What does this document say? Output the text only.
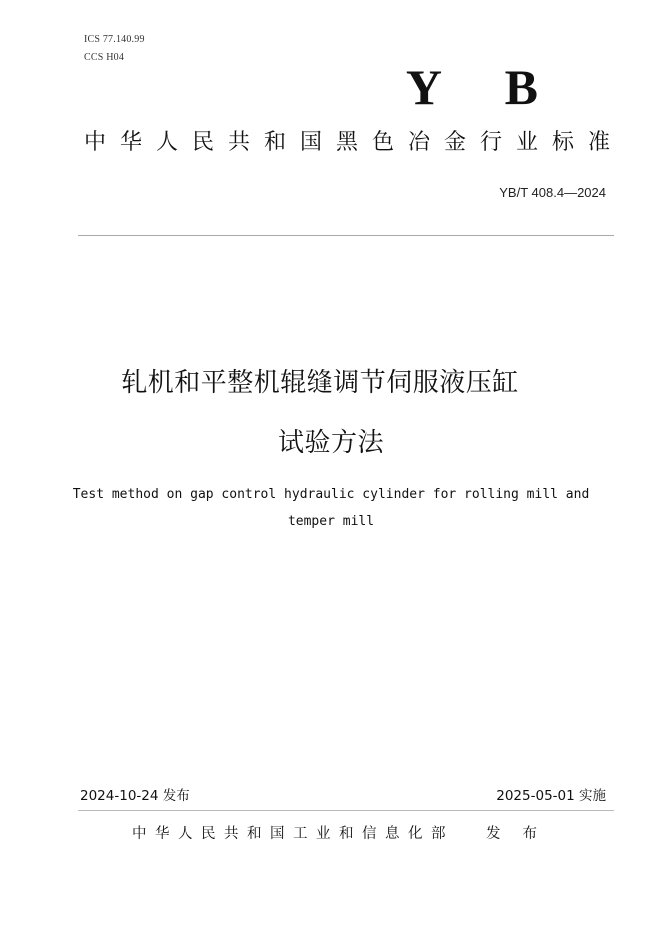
ICS 77.140.99
CCS H04
Y B
中华人民共和国黑色冶金行业标准
YB/T 408.4—2024
轧机和平整机辊缝调节伺服液压缸
试验方法
Test method on gap control hydraulic cylinder for rolling mill and
temper mill
2024-10-24 发布	2025-05-01 实施
中华人民共和国工业和信息化部 发布
